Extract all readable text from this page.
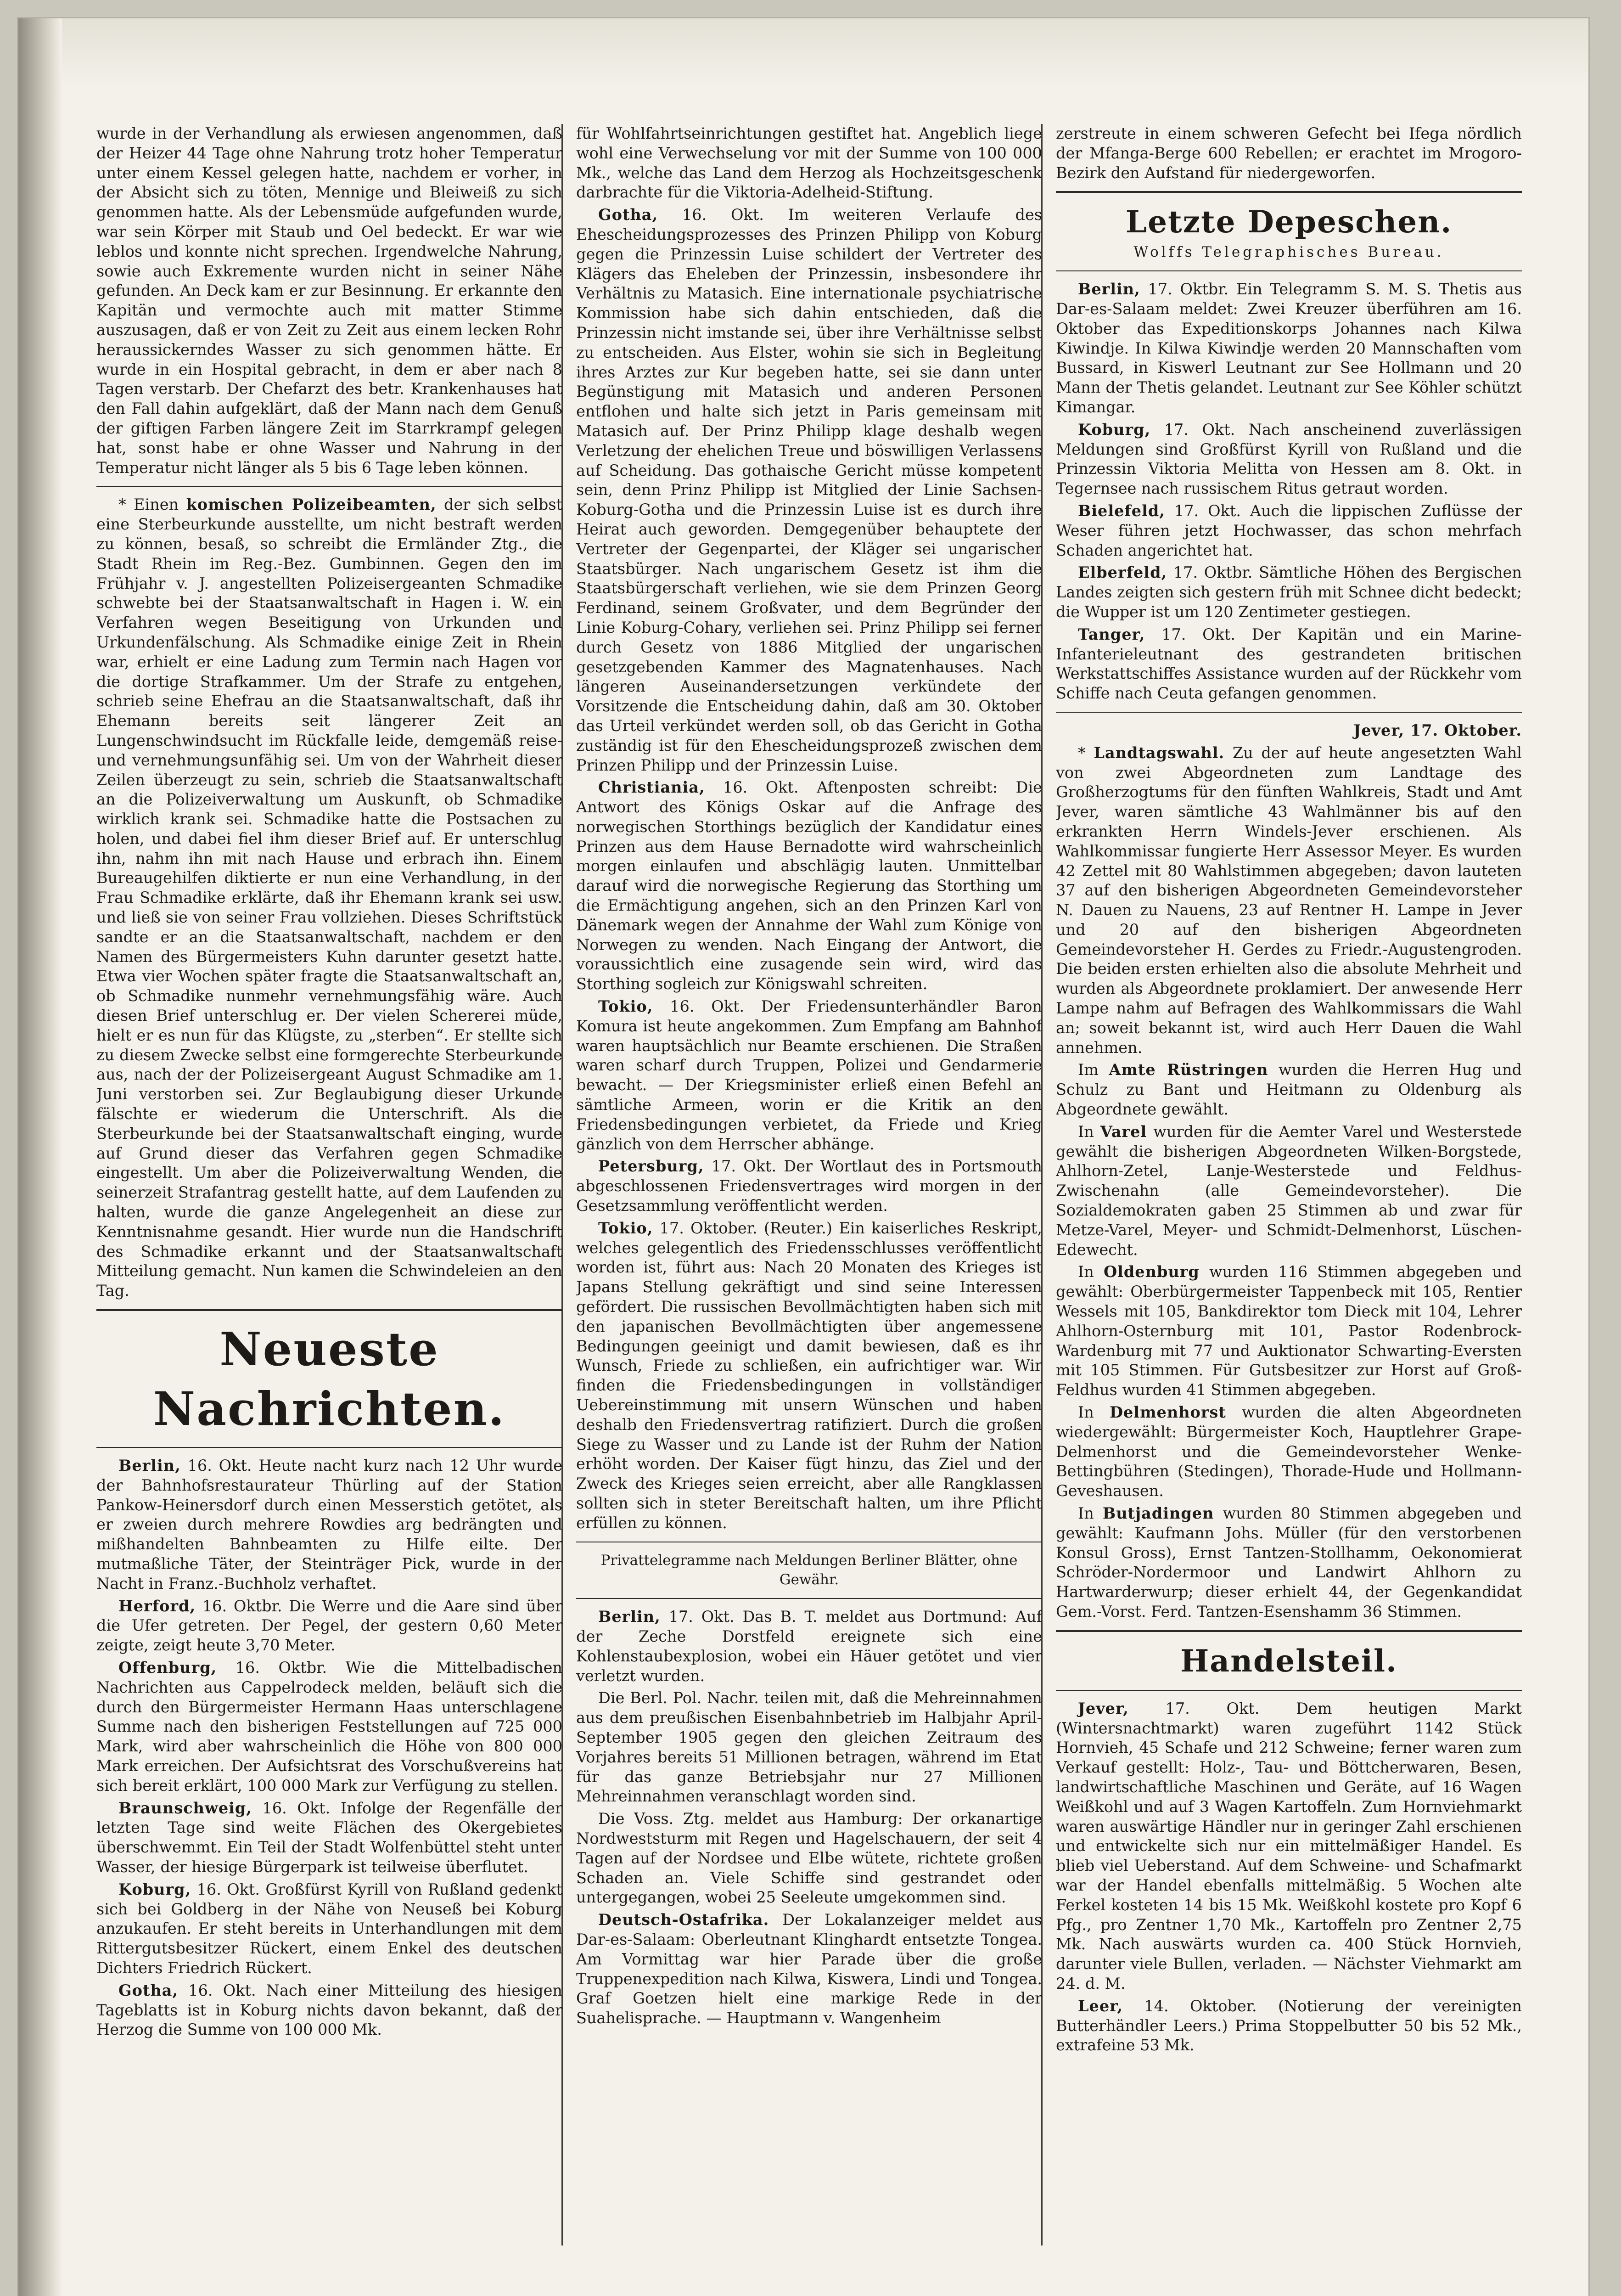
wurde in der Verhandlung als erwiesen angenommen, daß der Heizer 44 Tage ohne Nahrung trotz hoher Temperatur unter einem Kessel gelegen hatte, nachdem er vorher, in der Absicht sich zu töten, Mennige und Bleiweiß zu sich genommen hatte. Als der Lebensmüde aufgefunden wurde, war sein Körper mit Staub und Oel bedeckt. Er war wie leblos und konnte nicht sprechen. Irgendwelche Nahrung, sowie auch Exkremente wurden nicht in seiner Nähe gefunden. An Deck kam er zur Besinnung. Er erkannte den Kapitän und vermochte auch mit matter Stimme auszusagen, daß er von Zeit zu Zeit aus einem lecken Rohr heraussickerndes Wasser zu sich genommen hätte. Er wurde in ein Hospital gebracht, in dem er aber nach 8 Tagen verstarb. Der Chefarzt des betr. Krankenhauses hat den Fall dahin aufgeklärt, daß der Mann nach dem Genuß der giftigen Farben längere Zeit im Starrkrampf gelegen hat, sonst habe er ohne Wasser und Nahrung in der Temperatur nicht länger als 5 bis 6 Tage leben können.

* Einen komischen Polizeibeamten, der sich selbst eine Sterbeurkunde ausstellte, um nicht bestraft werden zu können, besaß, so schreibt die Ermländer Ztg., die Stadt Rhein im Reg.-Bez. Gumbinnen. Gegen den im Frühjahr v. J. angestellten Polizeisergeanten Schmadike schwebte bei der Staatsanwaltschaft in Hagen i. W. ein Verfahren wegen Beseitigung von Urkunden und Urkundenfälschung. Als Schmadike einige Zeit in Rhein war, erhielt er eine Ladung zum Termin nach Hagen vor die dortige Strafkammer. Um der Strafe zu entgehen, schrieb seine Ehefrau an die Staatsanwaltschaft, daß ihr Ehemann bereits seit längerer Zeit an Lungenschwindsucht im Rückfalle leide, demgemäß reise- und vernehmungsunfähig sei. Um von der Wahrheit dieser Zeilen überzeugt zu sein, schrieb die Staatsanwaltschaft an die Polizeiverwaltung um Auskunft, ob Schmadike wirklich krank sei. Schmadike hatte die Postsachen zu holen, und dabei fiel ihm dieser Brief auf. Er unterschlug ihn, nahm ihn mit nach Hause und erbrach ihn. Einem Bureaugehilfen diktierte er nun eine Verhandlung, in der Frau Schmadike erklärte, daß ihr Ehemann krank sei usw. und ließ sie von seiner Frau vollziehen. Dieses Schriftstück sandte er an die Staatsanwaltschaft, nachdem er den Namen des Bürgermeisters Kuhn darunter gesetzt hatte. Etwa vier Wochen später fragte die Staatsanwaltschaft an, ob Schmadike nunmehr vernehmungsfähig wäre. Auch diesen Brief unterschlug er. Der vielen Schererei müde, hielt er es nun für das Klügste, zu „sterben“. Er stellte sich zu diesem Zwecke selbst eine formgerechte Sterbeurkunde aus, nach der der Polizeisergeant August Schmadike am 1. Juni verstorben sei. Zur Beglaubigung dieser Urkunde fälschte er wiederum die Unterschrift. Als die Sterbeurkunde bei der Staatsanwaltschaft einging, wurde auf Grund dieser das Verfahren gegen Schmadike eingestellt. Um aber die Polizeiverwaltung Wenden, die seinerzeit Strafantrag gestellt hatte, auf dem Laufenden zu halten, wurde die ganze Angelegenheit an diese zur Kenntnisnahme gesandt. Hier wurde nun die Handschrift des Schmadike erkannt und der Staatsanwaltschaft Mitteilung gemacht. Nun kamen die Schwindeleien an den Tag.

Neueste Nachrichten.

Berlin, 16. Okt. Heute nacht kurz nach 12 Uhr wurde der Bahnhofsrestaurateur Thürling auf der Station Pankow-Heinersdorf durch einen Messerstich getötet, als er zweien durch mehrere Rowdies arg bedrängten und mißhandelten Bahnbeamten zu Hilfe eilte. Der mutmaßliche Täter, der Steinträger Pick, wurde in der Nacht in Franz.-Buchholz verhaftet.

Herford, 16. Oktbr. Die Werre und die Aare sind über die Ufer getreten. Der Pegel, der gestern 0,60 Meter zeigte, zeigt heute 3,70 Meter.

Offenburg, 16. Oktbr. Wie die Mittelbadischen Nachrichten aus Cappelrodeck melden, beläuft sich die durch den Bürgermeister Hermann Haas unterschlagene Summe nach den bisherigen Feststellungen auf 725 000 Mark, wird aber wahrscheinlich die Höhe von 800 000 Mark erreichen. Der Aufsichtsrat des Vorschußvereins hat sich bereit erklärt, 100 000 Mark zur Verfügung zu stellen.

Braunschweig, 16. Okt. Infolge der Regenfälle der letzten Tage sind weite Flächen des Okergebietes überschwemmt. Ein Teil der Stadt Wolfenbüttel steht unter Wasser, der hiesige Bürgerpark ist teilweise überflutet.

Koburg, 16. Okt. Großfürst Kyrill von Rußland gedenkt sich bei Goldberg in der Nähe von Neuseß bei Koburg anzukaufen. Er steht bereits in Unterhandlungen mit dem Rittergutsbesitzer Rückert, einem Enkel des deutschen Dichters Friedrich Rückert.

Gotha, 16. Okt. Nach einer Mitteilung des hiesigen Tageblatts ist in Koburg nichts davon bekannt, daß der Herzog die Summe von 100 000 Mk.

für Wohlfahrtseinrichtungen gestiftet hat. Angeblich liege wohl eine Verwechselung vor mit der Summe von 100 000 Mk., welche das Land dem Herzog als Hochzeitsgeschenk darbrachte für die Viktoria-Adelheid-Stiftung.

Gotha, 16. Okt. Im weiteren Verlaufe des Ehescheidungsprozesses des Prinzen Philipp von Koburg gegen die Prinzessin Luise schildert der Vertreter des Klägers das Eheleben der Prinzessin, insbesondere ihr Verhältnis zu Matasich. Eine internationale psychiatrische Kommission habe sich dahin entschieden, daß die Prinzessin nicht imstande sei, über ihre Verhältnisse selbst zu entscheiden. Aus Elster, wohin sie sich in Begleitung ihres Arztes zur Kur begeben hatte, sei sie dann unter Begünstigung mit Matasich und anderen Personen entflohen und halte sich jetzt in Paris gemeinsam mit Matasich auf. Der Prinz Philipp klage deshalb wegen Verletzung der ehelichen Treue und böswilligen Verlassens auf Scheidung. Das gothaische Gericht müsse kompetent sein, denn Prinz Philipp ist Mitglied der Linie Sachsen-Koburg-Gotha und die Prinzessin Luise ist es durch ihre Heirat auch geworden. Demgegenüber behauptete der Vertreter der Gegenpartei, der Kläger sei ungarischer Staatsbürger. Nach ungarischem Gesetz ist ihm die Staatsbürgerschaft verliehen, wie sie dem Prinzen Georg Ferdinand, seinem Großvater, und dem Begründer der Linie Koburg-Cohary, verliehen sei. Prinz Philipp sei ferner durch Gesetz von 1886 Mitglied der ungarischen gesetzgebenden Kammer des Magnatenhauses. Nach längeren Auseinandersetzungen verkündete der Vorsitzende die Entscheidung dahin, daß am 30. Oktober das Urteil verkündet werden soll, ob das Gericht in Gotha zuständig ist für den Ehescheidungsprozeß zwischen dem Prinzen Philipp und der Prinzessin Luise.

Christiania, 16. Okt. Aftenposten schreibt: Die Antwort des Königs Oskar auf die Anfrage des norwegischen Storthings bezüglich der Kandidatur eines Prinzen aus dem Hause Bernadotte wird wahrscheinlich morgen einlaufen und abschlägig lauten. Unmittelbar darauf wird die norwegische Regierung das Storthing um die Ermächtigung angehen, sich an den Prinzen Karl von Dänemark wegen der Annahme der Wahl zum Könige von Norwegen zu wenden. Nach Eingang der Antwort, die voraussichtlich eine zusagende sein wird, wird das Storthing sogleich zur Königswahl schreiten.

Tokio, 16. Okt. Der Friedensunterhändler Baron Komura ist heute angekommen. Zum Empfang am Bahnhof waren hauptsächlich nur Beamte erschienen. Die Straßen waren scharf durch Truppen, Polizei und Gendarmerie bewacht. — Der Kriegsminister erließ einen Befehl an sämtliche Armeen, worin er die Kritik an den Friedensbedingungen verbietet, da Friede und Krieg gänzlich von dem Herrscher abhänge.

Petersburg, 17. Okt. Der Wortlaut des in Portsmouth abgeschlossenen Friedensvertrages wird morgen in der Gesetzsammlung veröffentlicht werden.

Tokio, 17. Oktober. (Reuter.) Ein kaiserliches Reskript, welches gelegentlich des Friedensschlusses veröffentlicht worden ist, führt aus: Nach 20 Monaten des Krieges ist Japans Stellung gekräftigt und sind seine Interessen gefördert. Die russischen Bevollmächtigten haben sich mit den japanischen Bevollmächtigten über angemessene Bedingungen geeinigt und damit bewiesen, daß es ihr Wunsch, Friede zu schließen, ein aufrichtiger war. Wir finden die Friedensbedingungen in vollständiger Uebereinstimmung mit unsern Wünschen und haben deshalb den Friedensvertrag ratifiziert. Durch die großen Siege zu Wasser und zu Lande ist der Ruhm der Nation erhöht worden. Der Kaiser fügt hinzu, das Ziel und der Zweck des Krieges seien erreicht, aber alle Rangklassen sollten sich in steter Bereitschaft halten, um ihre Pflicht erfüllen zu können.

Privattelegramme nach Meldungen Berliner Blätter, ohne Gewähr.

Berlin, 17. Okt. Das B. T. meldet aus Dortmund: Auf der Zeche Dorstfeld ereignete sich eine Kohlenstaubexplosion, wobei ein Häuer getötet und vier verletzt wurden.

Die Berl. Pol. Nachr. teilen mit, daß die Mehreinnahmen aus dem preußischen Eisenbahnbetrieb im Halbjahr April-September 1905 gegen den gleichen Zeitraum des Vorjahres bereits 51 Millionen betragen, während im Etat für das ganze Betriebsjahr nur 27 Millionen Mehreinnahmen veranschlagt worden sind.

Die Voss. Ztg. meldet aus Hamburg: Der orkanartige Nordweststurm mit Regen und Hagelschauern, der seit 4 Tagen auf der Nordsee und Elbe wütete, richtete großen Schaden an. Viele Schiffe sind gestrandet oder untergegangen, wobei 25 Seeleute umgekommen sind.

Deutsch-Ostafrika. Der Lokalanzeiger meldet aus Dar-es-Salaam: Oberleutnant Klinghardt entsetzte Tongea. Am Vormittag war hier Parade über die große Truppenexpedition nach Kilwa, Kiswera, Lindi und Tongea. Graf Goetzen hielt eine markige Rede in der Suahelisprache. — Hauptmann v. Wangenheim

zerstreute in einem schweren Gefecht bei Ifega nördlich der Mfanga-Berge 600 Rebellen; er erachtet im Mrogoro-Bezirk den Aufstand für niedergeworfen.

Letzte Depeschen.
Wolffs Telegraphisches Bureau.

Berlin, 17. Oktbr. Ein Telegramm S. M. S. Thetis aus Dar-es-Salaam meldet: Zwei Kreuzer überführen am 16. Oktober das Expeditionskorps Johannes nach Kilwa Kiwindje. In Kilwa Kiwindje werden 20 Mannschaften vom Bussard, in Kiswerl Leutnant zur See Hollmann und 20 Mann der Thetis gelandet. Leutnant zur See Köhler schützt Kimangar.

Koburg, 17. Okt. Nach anscheinend zuverlässigen Meldungen sind Großfürst Kyrill von Rußland und die Prinzessin Viktoria Melitta von Hessen am 8. Okt. in Tegernsee nach russischem Ritus getraut worden.

Bielefeld, 17. Okt. Auch die lippischen Zuflüsse der Weser führen jetzt Hochwasser, das schon mehrfach Schaden angerichtet hat.

Elberfeld, 17. Oktbr. Sämtliche Höhen des Bergischen Landes zeigten sich gestern früh mit Schnee dicht bedeckt; die Wupper ist um 120 Zentimeter gestiegen.

Tanger, 17. Okt. Der Kapitän und ein Marine-Infanterieleutnant des gestrandeten britischen Werkstattschiffes Assistance wurden auf der Rückkehr vom Schiffe nach Ceuta gefangen genommen.

Jever, 17. Oktober.

* Landtagswahl. Zu der auf heute angesetzten Wahl von zwei Abgeordneten zum Landtage des Großherzogtums für den fünften Wahlkreis, Stadt und Amt Jever, waren sämtliche 43 Wahlmänner bis auf den erkrankten Herrn Windels-Jever erschienen. Als Wahlkommissar fungierte Herr Assessor Meyer. Es wurden 42 Zettel mit 80 Wahlstimmen abgegeben; davon lauteten 37 auf den bisherigen Abgeordneten Gemeindevorsteher N. Dauen zu Nauens, 23 auf Rentner H. Lampe in Jever und 20 auf den bisherigen Abgeordneten Gemeindevorsteher H. Gerdes zu Friedr.-Augustengroden. Die beiden ersten erhielten also die absolute Mehrheit und wurden als Abgeordnete proklamiert. Der anwesende Herr Lampe nahm auf Befragen des Wahlkommissars die Wahl an; soweit bekannt ist, wird auch Herr Dauen die Wahl annehmen.

Im Amte Rüstringen wurden die Herren Hug und Schulz zu Bant und Heitmann zu Oldenburg als Abgeordnete gewählt.

In Varel wurden für die Aemter Varel und Westerstede gewählt die bisherigen Abgeordneten Wilken-Borgstede, Ahlhorn-Zetel, Lanje-Westerstede und Feldhus-Zwischenahn (alle Gemeindevorsteher). Die Sozialdemokraten gaben 25 Stimmen ab und zwar für Metze-Varel, Meyer- und Schmidt-Delmenhorst, Lüschen-Edewecht.

In Oldenburg wurden 116 Stimmen abgegeben und gewählt: Oberbürgermeister Tappenbeck mit 105, Rentier Wessels mit 105, Bankdirektor tom Dieck mit 104, Lehrer Ahlhorn-Osternburg mit 101, Pastor Rodenbrock-Wardenburg mit 77 und Auktionator Schwarting-Eversten mit 105 Stimmen. Für Gutsbesitzer zur Horst auf Groß-Feldhus wurden 41 Stimmen abgegeben.

In Delmenhorst wurden die alten Abgeordneten wiedergewählt: Bürgermeister Koch, Hauptlehrer Grape-Delmenhorst und die Gemeindevorsteher Wenke-Bettingbühren (Stedingen), Thorade-Hude und Hollmann-Geveshausen.

In Butjadingen wurden 80 Stimmen abgegeben und gewählt: Kaufmann Johs. Müller (für den verstorbenen Konsul Gross), Ernst Tantzen-Stollhamm, Oekonomierat Schröder-Nordermoor und Landwirt Ahlhorn zu Hartwarderwurp; dieser erhielt 44, der Gegenkandidat Gem.-Vorst. Ferd. Tantzen-Esenshamm 36 Stimmen.

Handelsteil.

Jever, 17. Okt. Dem heutigen Markt (Wintersnachtmarkt) waren zugeführt 1142 Stück Hornvieh, 45 Schafe und 212 Schweine; ferner waren zum Verkauf gestellt: Holz-, Tau- und Böttcherwaren, Besen, landwirtschaftliche Maschinen und Geräte, auf 16 Wagen Weißkohl und auf 3 Wagen Kartoffeln. Zum Hornviehmarkt waren auswärtige Händler nur in geringer Zahl erschienen und entwickelte sich nur ein mittelmäßiger Handel. Es blieb viel Ueberstand. Auf dem Schweine- und Schafmarkt war der Handel ebenfalls mittelmäßig. 5 Wochen alte Ferkel kosteten 14 bis 15 Mk. Weißkohl kostete pro Kopf 6 Pfg., pro Zentner 1,70 Mk., Kartoffeln pro Zentner 2,75 Mk. Nach auswärts wurden ca. 400 Stück Hornvieh, darunter viele Bullen, verladen. — Nächster Viehmarkt am 24. d. M.

Leer, 14. Oktober. (Notierung der vereinigten Butterhändler Leers.) Prima Stoppelbutter 50 bis 52 Mk., extrafeine 53 Mk.
